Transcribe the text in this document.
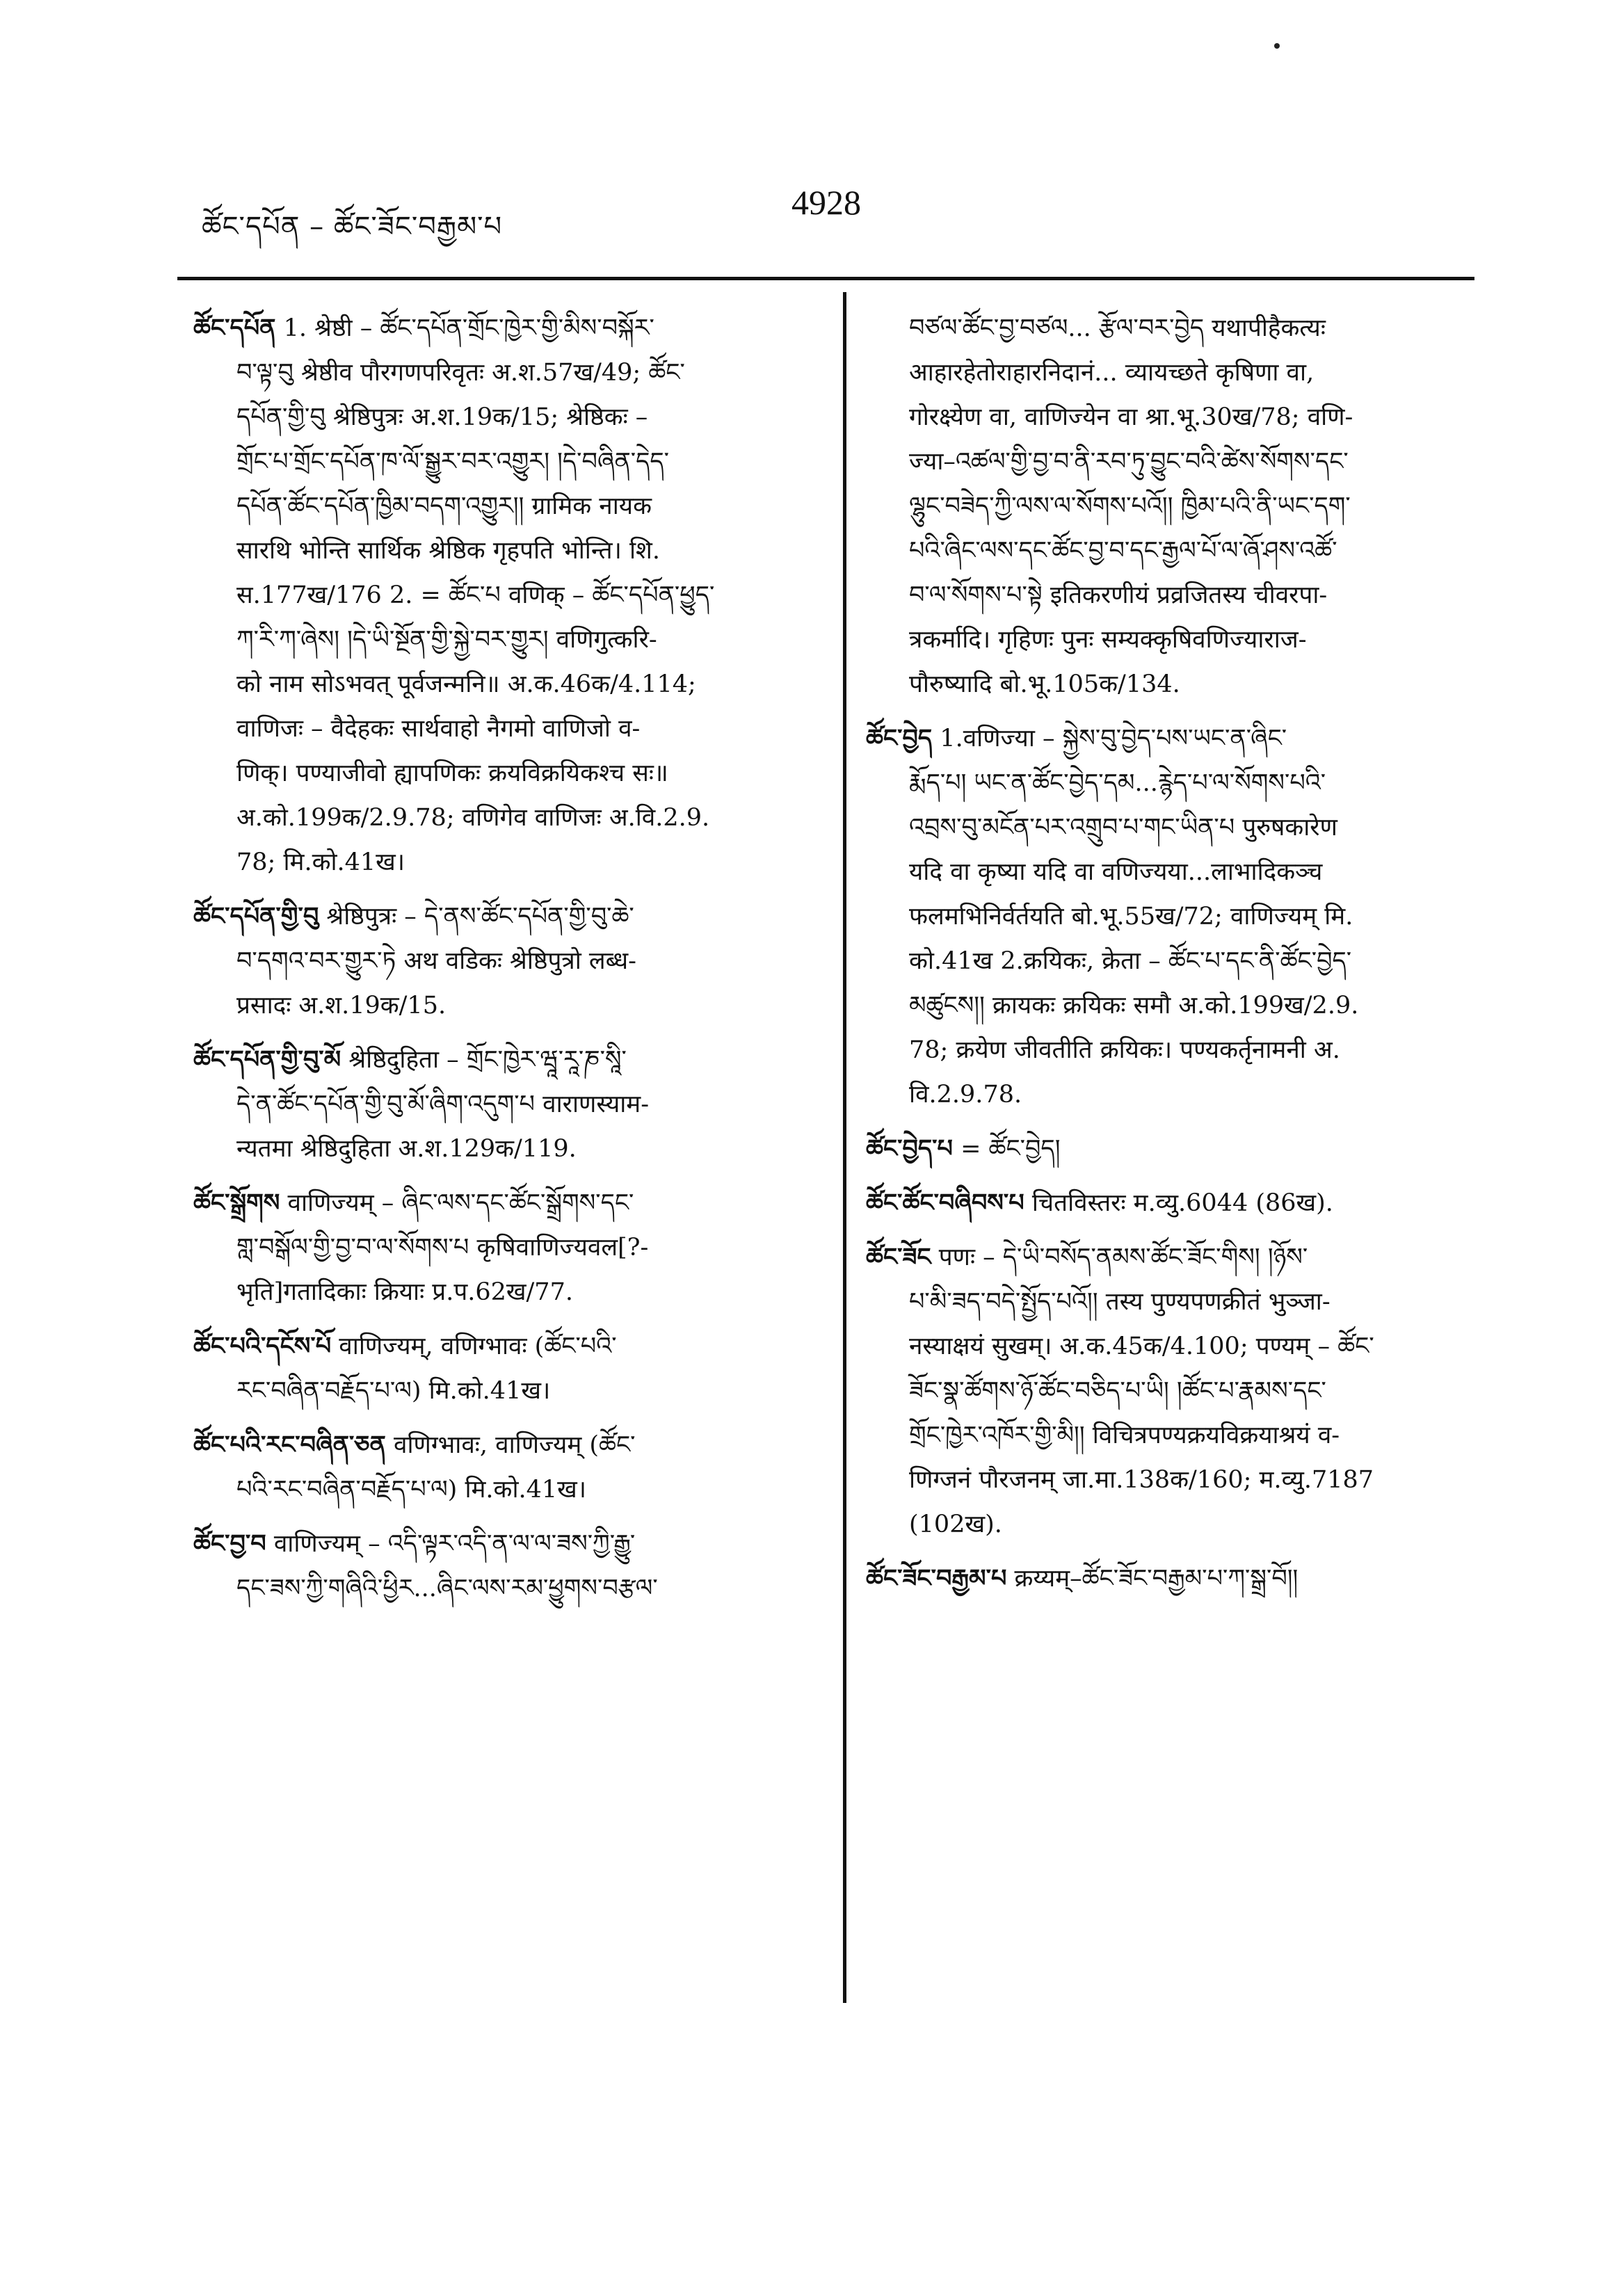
ཚོང་དཔོན – ཚོང་ཟོང་བརྒྱམ་པ
4928

ཚོང་དཔོན 1. श्रेष्ठी – ཚོང་དཔོན་གྲོང་ཁྱེར་གྱི་མིས་བསྐོར་
བ་ལྟ་བུ श्रेष्ठीव पौरगणपरिवृतः अ.श.57ख/49; ཚོང་
དཔོན་གྱི་བུ श्रेष्ठिपुत्रः अ.श.19क/15; श्रेष्ठिकः –
གྲོང་པ་གྲོང་དཔོན་ཁ་ལོ་སྒྱུར་བར་འགྱུར། །དེ་བཞིན་དེད་
དཔོན་ཚོང་དཔོན་ཁྱིམ་བདག་འགྱུར།། ग्रामिक नायक
सारथि भोन्ति सार्थिक श्रेष्ठिक गृहपति भोन्ति। शि.
स.177ख/176 2. = ཚོང་པ वणिक् – ཚོང་དཔོན་ཕྱུད་
ཀ་རི་ཀ་ཞེས། །དེ་ཡི་སྔོན་གྱི་སྐྱེ་བར་གྱུར། वणिगुत्करि-
को नाम सोऽभवत् पूर्वजन्मनि॥ अ.क.46क/4.114;
वाणिजः – वैदेहकः सार्थवाहो नैगमो वाणिजो व-
णिक्। पण्याजीवो ह्यापणिकः क्रयविक्रयिकश्च सः॥
अ.को.199क/2.9.78; वणिगेव वाणिजः अ.वि.2.9.
78; मि.को.41ख।

ཚོང་དཔོན་གྱི་བུ श्रेष्ठिपुत्रः – དེ་ནས་ཚོང་དཔོན་གྱི་བུ་ཆེ་
བ་དགའ་བར་གྱུར་ཏེ अथ वडिकः श्रेष्ठिपुत्रो लब्ध-
प्रसादः अ.श.19क/15.

ཚོང་དཔོན་གྱི་བུ་མོ श्रेष्ठिदुहिता – གྲོང་ཁྱེར་ཝཱ་རཱ་ཎ་སཱི་
དེ་ན་ཚོང་དཔོན་གྱི་བུ་མོ་ཞིག་འདུག་པ वाराणस्याम-
न्यतमा श्रेष्ठिदुहिता अ.श.129क/119.

ཚོང་སྒྲོགས वाणिज्यम् – ཞིང་ལས་དང་ཚོང་སྒྲོགས་དང་
གླ་བསྒོལ་གྱི་བྱ་བ་ལ་སོགས་པ कृषिवाणिज्यवल[?-
भृति]गतादिकाः क्रियाः प्र.प.62ख/77.

ཚོང་པའི་དངོས་པོ वाणिज्यम्, वणिग्भावः (ཚོང་པའི་
རང་བཞིན་བརྗོད་པ་ལ) मि.को.41ख।

ཚོང་པའི་རང་བཞིན་ཅན वणिग्भावः, वाणिज्यम् (ཚོང་
པའི་རང་བཞིན་བརྗོད་པ་ལ) मि.को.41ख।

ཚོང་བྱ་བ वाणिज्यम् – འདི་ལྟར་འདི་ན་ལ་ལ་ཟས་ཀྱི་རྒྱུ་
དང་ཟས་ཀྱི་གཞིའི་ཕྱིར...ཞིང་ལས་རམ་ཕྱུགས་བརྩལ་

བཙལ་ཚོང་བྱ་བཙལ... རྩོལ་བར་བྱེད यथापीहैकत्यः
आहारहेतोराहारनिदानं... व्यायच्छते कृषिणा वा,
गोरक्ष्येण वा, वाणिज्येन वा श्रा.भू.30ख/78; वणि-
ज्या–འཚལ་གྱི་བྱ་བ་ནི་རབ་ཏུ་བྱུང་བའི་ཚེས་སོགས་དང་
ལྷུང་བཟེད་ཀྱི་ལས་ལ་སོགས་པའོ།། ཁྱིམ་པའི་ནི་ཡང་དག་
པའི་ཞིང་ལས་དང་ཚོང་བྱ་བ་དང་རྒྱལ་པོ་ལ་ཞོ་ཤས་འཚོ་
བ་ལ་སོགས་པ་སྟེ इतिकरणीयं प्रव्रजितस्य चीवरपा-
त्रकर्मादि। गृहिणः पुनः सम्यक्कृषिवणिज्याराज-
पौरुष्यादि बो.भू.105क/134.

ཚོང་བྱེད 1.वणिज्या – སྐྱེས་བུ་བྱེད་པས་ཡང་ན་ཞིང་
རྨོད་པ། ཡང་ན་ཚོང་བྱེད་དམ...རྙེད་པ་ལ་སོགས་པའི་
འབྲས་བུ་མངོན་པར་འགྲུབ་པ་གང་ཡིན་པ पुरुषकारेण
यदि वा कृष्या यदि वा वणिज्यया...लाभादिकञ्च
फलमभिनिर्वर्तयति बो.भू.55ख/72; वाणिज्यम् मि.
को.41ख 2.क्रयिकः, क्रेता – ཚོང་པ་དང་ནི་ཚོང་བྱེད་
མཚུངས།། क्रायकः क्रयिकः समौ अ.को.199ख/2.9.
78; क्रयेण जीवतीति क्रयिकः। पण्यकर्तृनामनी अ.
वि.2.9.78.

ཚོང་བྱེད་པ = ཚོང་བྱེད།

ཚོང་ཚོང་བཞིབས་པ चितविस्तरः म.व्यु.6044 (86ख).

ཚོང་ཟོང पणः – དེ་ཡི་བསོད་ནམས་ཚོང་ཟོང་གིས། །ཉོས་
པ་མི་ཟད་བདེ་སྤྱོད་པའོ།། तस्य पुण्यपणक्रीतं भुञ्जा-
नस्याक्षयं सुखम्। अ.क.45क/4.100; पण्यम् – ཚོང་
ཟོང་སྣ་ཚོགས་ཉོ་ཚོང་བཅིད་པ་ཡི། །ཚོང་པ་རྣམས་དང་
གྲོང་ཁྱེར་འཁོར་གྱི་མི།། विचित्रपण्यक्रयविक्रयाश्रयं व-
णिग्जनं पौरजनम् जा.मा.138क/160; म.व्यु.7187
(102ख).

ཚོང་ཟོང་བརྒྱམ་པ क्रय्यम्–ཚོང་ཟོང་བརྒྱམ་པ་ཀ་སྒྲ་བོ།།
